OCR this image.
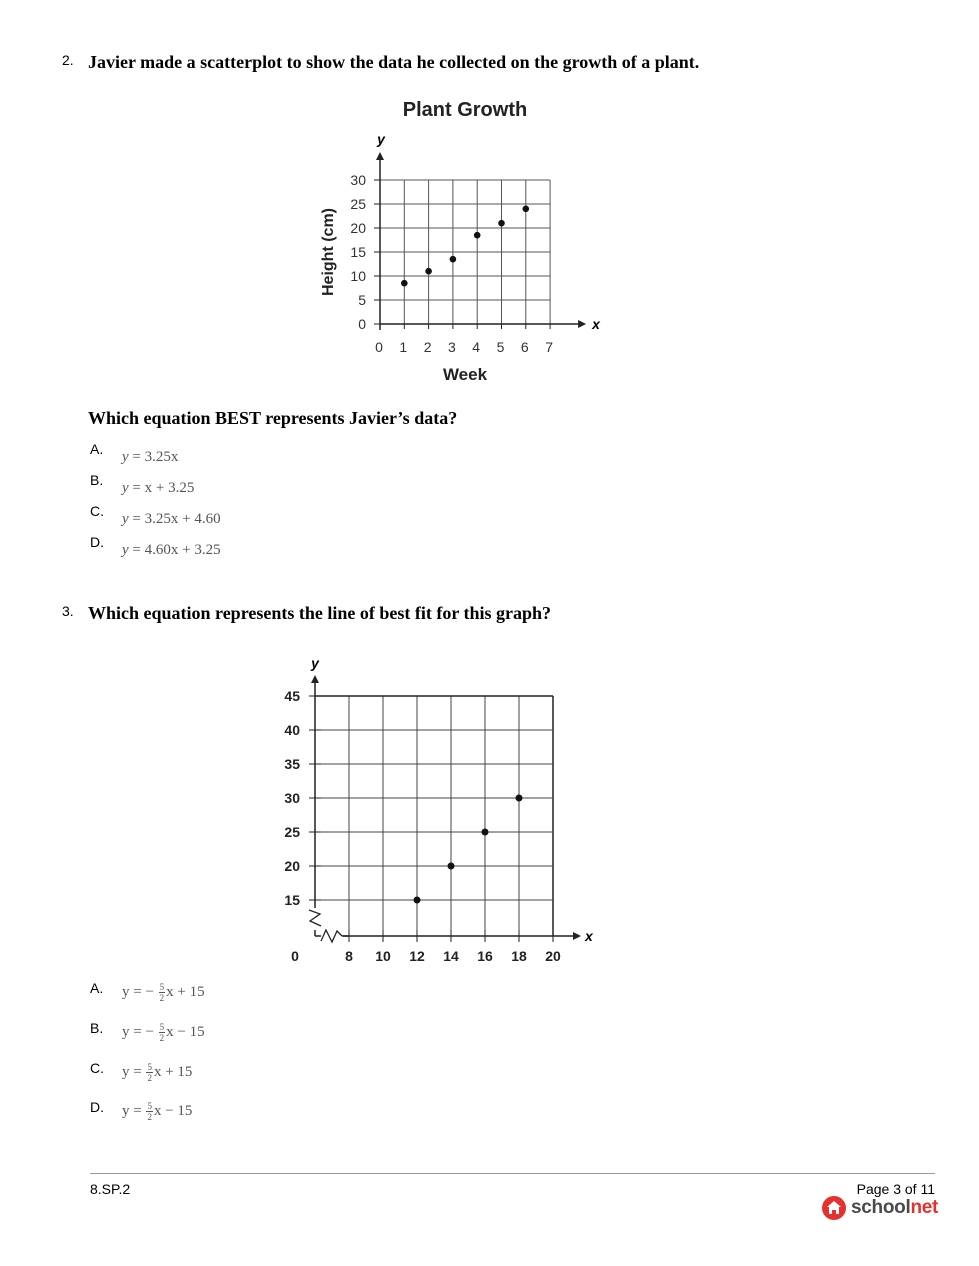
2. Javier made a scatterplot to show the data he collected on the growth of a plant.
Plant Growth
0 1 2 3 4 5 6 7
0
5
10
15
20
25
30
x
y
Week
Height (cm)
Which equation BEST represents Javier’s data?
A. y = 3.25x
B. y = x + 3.25
C. y = 3.25x + 4.60
D. y = 4.60x + 3.25
3. Which equation represents the line of best fit for this graph?
8 10 12 14 16 18 20
15
20
25
30
35
40
45
0
x
y
A. y = − $\frac{5}{2}$ x + 15
B. y = − $\frac{5}{2}$ x − 15
C. $y = \frac{5}{2}$ x + 15
D. $y = \frac{5}{2}$ x − 15
8.SP.2	Page 3 of 11
schoolnet
